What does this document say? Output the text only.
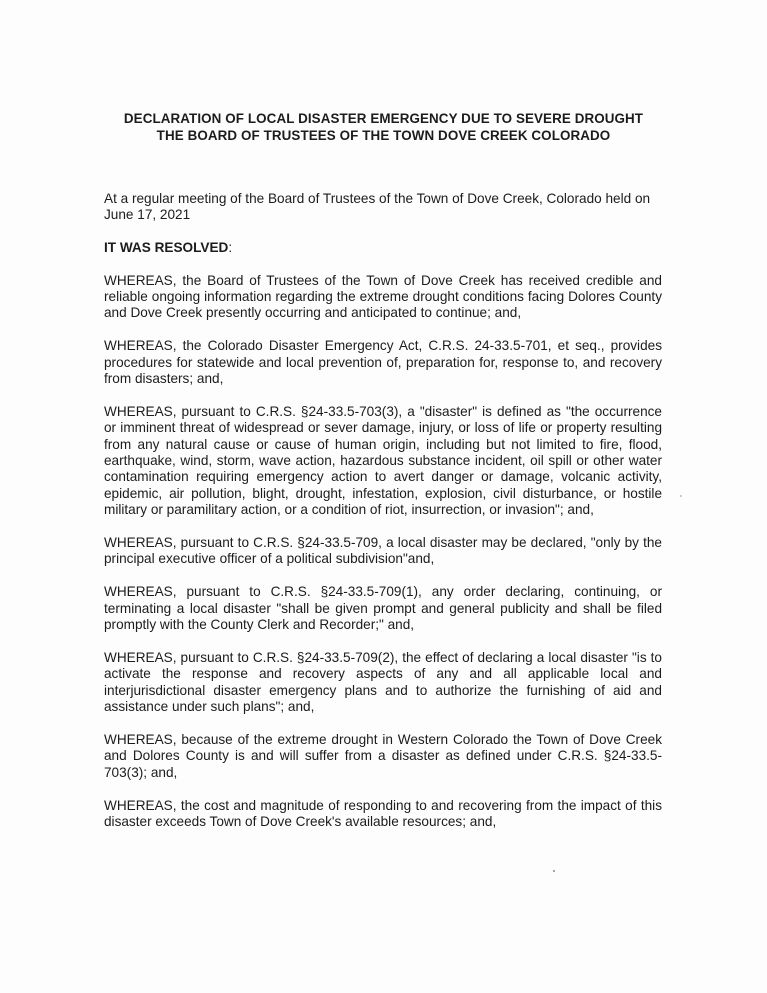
DECLARATION OF LOCAL DISASTER EMERGENCY DUE TO SEVERE DROUGHT
THE BOARD OF TRUSTEES OF THE TOWN DOVE CREEK COLORADO

At a regular meeting of the Board of Trustees of the Town of Dove Creek, Colorado held on June 17, 2021

IT WAS RESOLVED:

WHEREAS, the Board of Trustees of the Town of Dove Creek has received credible and reliable ongoing information regarding the extreme drought conditions facing Dolores County and Dove Creek presently occurring and anticipated to continue; and,

WHEREAS, the Colorado Disaster Emergency Act, C.R.S. 24-33.5-701, et seq., provides procedures for statewide and local prevention of, preparation for, response to, and recovery from disasters; and,

WHEREAS, pursuant to C.R.S. §24-33.5-703(3), a "disaster" is defined as "the occurrence or imminent threat of widespread or sever damage, injury, or loss of life or property resulting from any natural cause or cause of human origin, including but not limited to fire, flood, earthquake, wind, storm, wave action, hazardous substance incident, oil spill or other water contamination requiring emergency action to avert danger or damage, volcanic activity, epidemic, air pollution, blight, drought, infestation, explosion, civil disturbance, or hostile military or paramilitary action, or a condition of riot, insurrection, or invasion"; and,

WHEREAS, pursuant to C.R.S. §24-33.5-709, a local disaster may be declared, "only by the principal executive officer of a political subdivision"and,

WHEREAS, pursuant to C.R.S. §24-33.5-709(1), any order declaring, continuing, or terminating a local disaster "shall be given prompt and general publicity and shall be filed promptly with the County Clerk and Recorder;" and,

WHEREAS, pursuant to C.R.S. §24-33.5-709(2), the effect of declaring a local disaster "is to activate the response and recovery aspects of any and all applicable local and interjurisdictional disaster emergency plans and to authorize the furnishing of aid and assistance under such plans"; and,

WHEREAS, because of the extreme drought in Western Colorado the Town of Dove Creek and Dolores County is and will suffer from a disaster as defined under C.R.S. §24-33.5-703(3); and,

WHEREAS, the cost and magnitude of responding to and recovering from the impact of this disaster exceeds Town of Dove Creek's available resources; and,
